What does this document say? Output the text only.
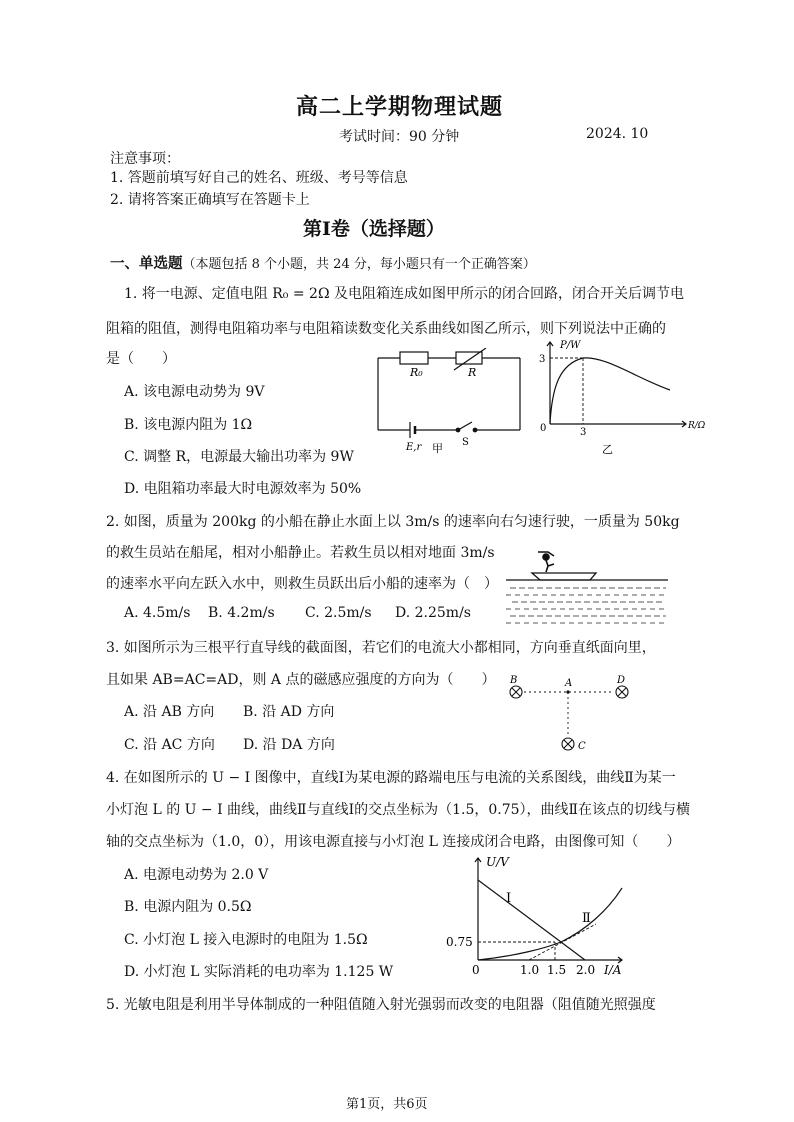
高二上学期物理试题
考试时间：90 分钟	2024. 10
注意事项：
1. 答题前填写好自己的姓名、班级、考号等信息
2. 请将答案正确填写在答题卡上
第Ⅰ卷（选择题）
一、单选题（本题包括 8 个小题，共 24 分，每小题只有一个正确答案）
1. 将一电源、定值电阻 R₀ = 2Ω 及电阻箱连成如图甲所示的闭合回路，闭合开关后调节电
阻箱的阻值，测得电阻箱功率与电阻箱读数变化关系曲线如图乙所示，则下列说法中正确的
是（　　）
A. 该电源电动势为 9V
B. 该电源内阻为 1Ω
C. 调整 R，电源最大输出功率为 9W
D. 电阻箱功率最大时电源效率为 50%
R₀	R
E,r	S
甲
P/W
3
0	3
R/Ω
乙
2. 如图，质量为 200kg 的小船在静止水面上以 3m/s 的速率向右匀速行驶，一质量为 50kg
的救生员站在船尾，相对小船静止。若救生员以相对地面 3m/s
的速率水平向左跃入水中，则救生员跃出后小船的速率为（　）
A. 4.5m/s B. 4.2m/s C. 2.5m/s D. 2.25m/s
3. 如图所示为三根平行直导线的截面图，若它们的电流大小都相同，方向垂直纸面向里，
且如果 AB=AC=AD，则 A 点的磁感应强度的方向为（　　）
A. 沿 AB 方向 B. 沿 AD 方向
C. 沿 AC 方向 D. 沿 DA 方向
B	A	D
C
4. 在如图所示的 U − I 图像中，直线Ⅰ为某电源的路端电压与电流的关系图线，曲线Ⅱ为某一
小灯泡 L 的 U − I 曲线，曲线Ⅱ与直线Ⅰ的交点坐标为（1.5，0.75），曲线Ⅱ在该点的切线与横
轴的交点坐标为（1.0，0），用该电源直接与小灯泡 L 连接成闭合电路，由图像可知（　　）
A. 电源电动势为 2.0 V
B. 电源内阻为 0.5Ω
C. 小灯泡 L 接入电源时的电阻为 1.5Ω
D. 小灯泡 L 实际消耗的电功率为 1.125 W
U/V
0.75
0	1.0 1.5 2.0 I/A
Ⅰ
Ⅱ
5. 光敏电阻是利用半导体制成的一种阻值随入射光强弱而改变的电阻器（阻值随光照强度
第1页，共6页
